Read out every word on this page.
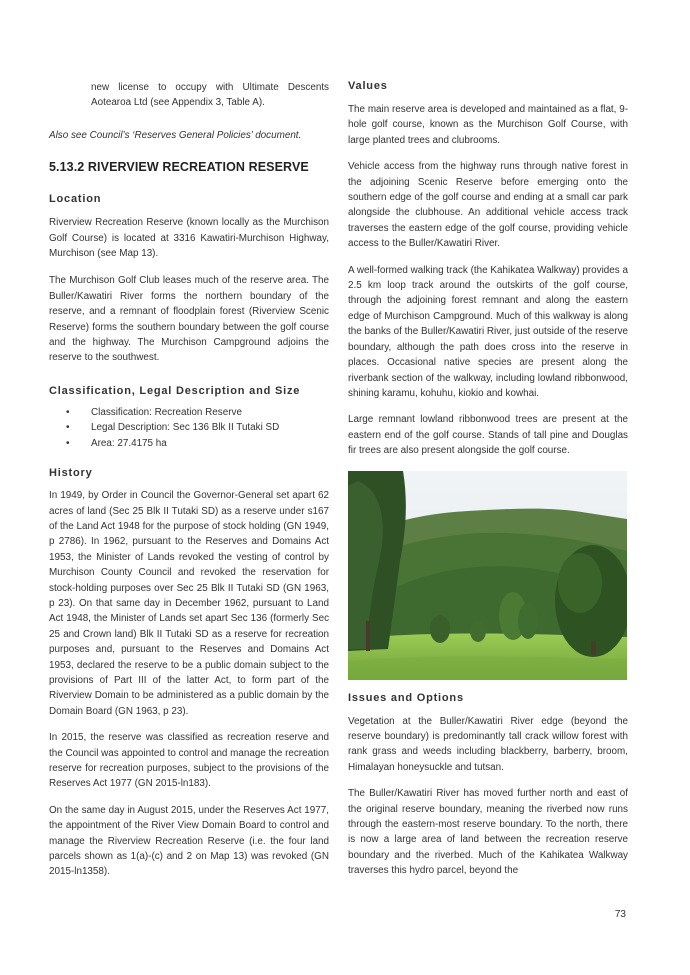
new license to occupy with Ultimate Descents Aotearoa Ltd (see Appendix 3, Table A).

Also see Council’s ‘Reserves General Policies’ document.

5.13.2 RIVERVIEW RECREATION RESERVE
Location

Riverview Recreation Reserve (known locally as the Murchison Golf Course) is located at 3316 Kawatiri-Murchison Highway, Murchison (see Map 13).

The Murchison Golf Club leases much of the reserve area. The Buller/Kawatiri River forms the northern boundary of the reserve, and a remnant of floodplain forest (Riverview Scenic Reserve) forms the southern boundary between the golf course and the highway. The Murchison Campground adjoins the reserve to the southwest.

Classification, Legal Description and Size
• Classification: Recreation Reserve
• Legal Description: Sec 136 Blk II Tutaki SD
• Area: 27.4175 ha
History

In 1949, by Order in Council the Governor-General set apart 62 acres of land (Sec 25 Blk II Tutaki SD) as a reserve under s167 of the Land Act 1948 for the purpose of stock holding (GN 1949, p 2786). In 1962, pursuant to the Reserves and Domains Act 1953, the Minister of Lands revoked the vesting of control by Murchison County Council and revoked the reservation for stock-holding purposes over Sec 25 Blk II Tutaki SD (GN 1963, p 23). On that same day in December 1962, pursuant to Land Act 1948, the Minister of Lands set apart Sec 136 (formerly Sec 25 and Crown land) Blk II Tutaki SD as a reserve for recreation purposes and, pursuant to the Reserves and Domains Act 1953, declared the reserve to be a public domain subject to the provisions of Part III of the latter Act, to form part of the Riverview Domain to be administered as a public domain by the Domain Board (GN 1963, p 23).

In 2015, the reserve was classified as recreation reserve and the Council was appointed to control and manage the recreation reserve for recreation purposes, subject to the provisions of the Reserves Act 1977 (GN 2015-ln183).

On the same day in August 2015, under the Reserves Act 1977, the appointment of the River View Domain Board to control and manage the Riverview Recreation Reserve (i.e. the four land parcels shown as 1(a)-(c) and 2 on Map 13) was revoked (GN 2015-ln1358).

Values

The main reserve area is developed and maintained as a flat, 9-hole golf course, known as the Murchison Golf Course, with large planted trees and clubrooms.

Vehicle access from the highway runs through native forest in the adjoining Scenic Reserve before emerging onto the southern edge of the golf course and ending at a small car park alongside the clubhouse. An additional vehicle access track traverses the eastern edge of the golf course, providing vehicle access to the Buller/Kawatiri River.

A well-formed walking track (the Kahikatea Walkway) provides a 2.5 km loop track around the outskirts of the golf course, through the adjoining forest remnant and along the eastern edge of Murchison Campground. Much of this walkway is along the banks of the Buller/Kawatiri River, just outside of the reserve boundary, although the path does cross into the reserve in places. Occasional native species are present along the riverbank section of the walkway, including lowland ribbonwood, shining karamu, kohuhu, kiokio and kowhai.

Large remnant lowland ribbonwood trees are present at the eastern end of the golf course. Stands of tall pine and Douglas fir trees are also present alongside the golf course.

Issues and Options

Vegetation at the Buller/Kawatiri River edge (beyond the reserve boundary) is predominantly tall crack willow forest with rank grass and weeds including blackberry, barberry, broom, Himalayan honeysuckle and tutsan.

The Buller/Kawatiri River has moved further north and east of the original reserve boundary, meaning the riverbed now runs through the eastern-most reserve boundary. To the north, there is now a large area of land between the recreation reserve boundary and the riverbed. Much of the Kahikatea Walkway traverses this hydro parcel, beyond the

73
